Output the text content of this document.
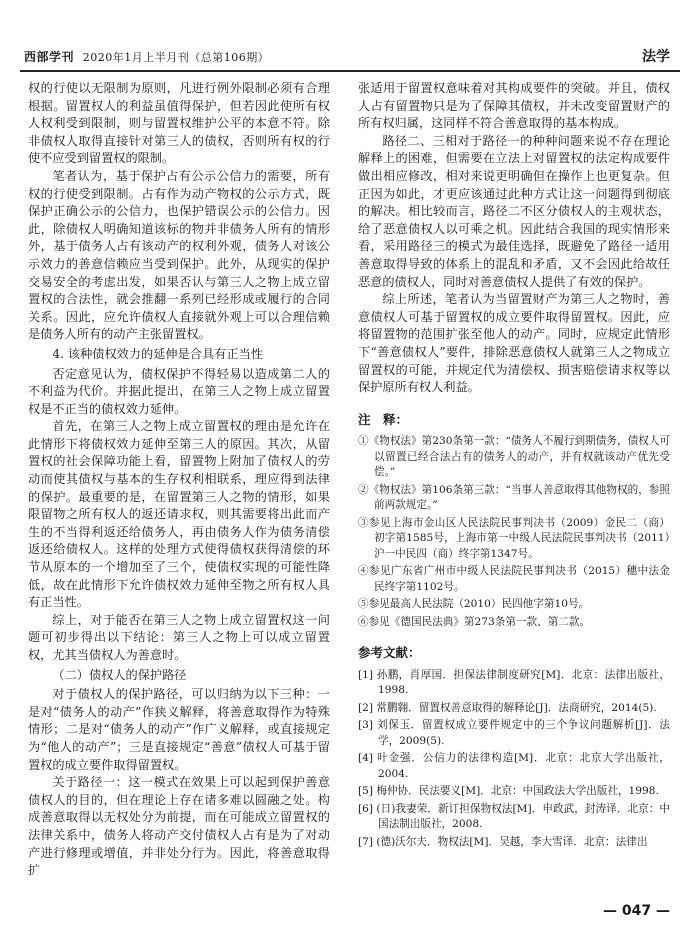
西部学刊 2020年1月上半月刊（总第106期）	法学

权的行使以无限制为原则，凡进行例外限制必须有合理根据。留置权人的利益虽值得保护，但若因此使所有权人权利受到限制，则与留置权维护公平的本意不符。除非债权人取得直接针对第三人的债权，否则所有权的行使不应受到留置权的限制。

笔者认为，基于保护占有公示公信力的需要，所有权的行使受到限制。占有作为动产物权的公示方式，既保护正确公示的公信力，也保护错误公示的公信力。因此，除债权人明确知道该标的物并非债务人所有的情形外，基于债务人占有该动产的权利外观，债务人对该公示效力的善意信赖应当受到保护。此外，从现实的保护交易安全的考虑出发，如果否认与第三人之物上成立留置权的合法性，就会推翻一系列已经形成或履行的合同关系。因此，应允许债权人直接就外观上可以合理信赖是债务人所有的动产主张留置权。

4. 该种债权效力的延伸是合具有正当性

否定意见认为，债权保护不得轻易以造成第二人的不利益为代价。并据此提出，在第三人之物上成立留置权是不正当的债权效力延伸。

首先，在第三人之物上成立留置权的理由是允许在此情形下将债权效力延伸至第三人的原因。其次，从留置权的社会保障功能上看，留置物上附加了债权人的劳动而使其债权与基本的生存权利相联系，理应得到法律的保护。最重要的是，在留置第三人之物的情形，如果限留物之所有权人的返还请求权，则其需要将出此而产生的不当得利返还给债务人，再由债务人作为债务清偿返还给债权人。这样的处理方式使得债权获得清偿的环节从原本的一个增加至了三个，使债权实现的可能性降低，故在此情形下允许债权效力延伸至物之所有权人具有正当性。

综上，对于能否在第三人之物上成立留置权这一问题可初步得出以下结论：第三人之物上可以成立留置权，尤其当债权人为善意时。

（二）债权人的保护路径

对于债权人的保护路径，可以归纳为以下三种：一是对“债务人的动产”作狭义解释，将善意取得作为特殊情形；二是对“债务人的动产”作广义解释，或直接规定为“他人的动产”；三是直接规定“善意”债权人可基于留置权的成立要件取得留置权。

关于路径一：这一模式在效果上可以起到保护善意债权人的目的，但在理论上存在诸多难以圆融之处。构成善意取得以无权处分为前提，而在可能成立留置权的法律关系中，债务人将动产交付债权人占有是为了对动产进行修理或增值，并非处分行为。因此，将善意取得扩

张适用于留置权意味着对其构成要件的突破。并且，债权人占有留置物只是为了保障其债权，并未改变留置财产的所有权归属，这同样不符合善意取得的基本构成。

路径二、三相对于路径一的种种问题来说不存在理论解释上的困难，但需要在立法上对留置权的法定构成要件做出相应修改，相对来说更明确但在操作上也更复杂。但正因为如此，才更应该通过此种方式让这一问题得到彻底的解决。相比较而言，路径二不区分债权人的主观状态，给了恶意债权人以可乘之机。因此结合我国的现实情形来看，采用路径三的模式为最佳选择，既避免了路径一适用善意取得导致的体系上的混乱和矛盾，又不会因此给故任恶意的债权人，同时对善意债权人提供了有效的保护。

综上所述，笔者认为当留置财产为第三人之物时，善意债权人可基于留置权的成立要件取得留置权。因此，应将留置物的范围扩张至他人的动产。同时，应规定此情形下“善意债权人”要件，排除恶意债权人就第三人之物成立留置权的可能，并规定代为清偿权、损害赔偿请求权等以保护原所有权人利益。

注　释：

①《物权法》第230条第一款：“债务人不履行到期债务，债权人可以留置已经合法占有的债务人的动产，并有权就该动产优先受偿。”

②《物权法》第106条第三款：“当事人善意取得其他物权的，参照前两款规定。”

③参见上海市金山区人民法院民事判决书（2009）金民二（商）初字第1585号，上海市第一中级人民法院民事判决书（2011）沪一中民四（商）终字第1347号。

④参见广东省广州市中级人民法院民事判决书（2015）穗中法金民终字第1102号。

⑤参见最高人民法院（2010）民四他字第10号。

⑥参见《德国民法典》第273条第一款、第二款。

参考文献：

[1] 孙鹏，肖厚国．担保法律制度研究[M]．北京：法律出版社，1998.

[2] 常鹏翱．留置权善意取得的解释论[J]．法商研究，2014(5).

[3] 刘保玉．留置权成立要件规定中的三个争议问题解析[J]．法学，2009(5).

[4] 叶金强．公信力的法律构造[M]．北京：北京大学出版社，2004.

[5] 梅仲协．民法要义[M]．北京：中国政法大学出版社，1998.

[6] (日)我妻荣．新订担保物权法[M]．申政武，封涛译．北京：中国法制出版社，2008.

[7] (德)沃尔夫．物权法[M]．吴越，李大雪译．北京：法律出

— 047 —
